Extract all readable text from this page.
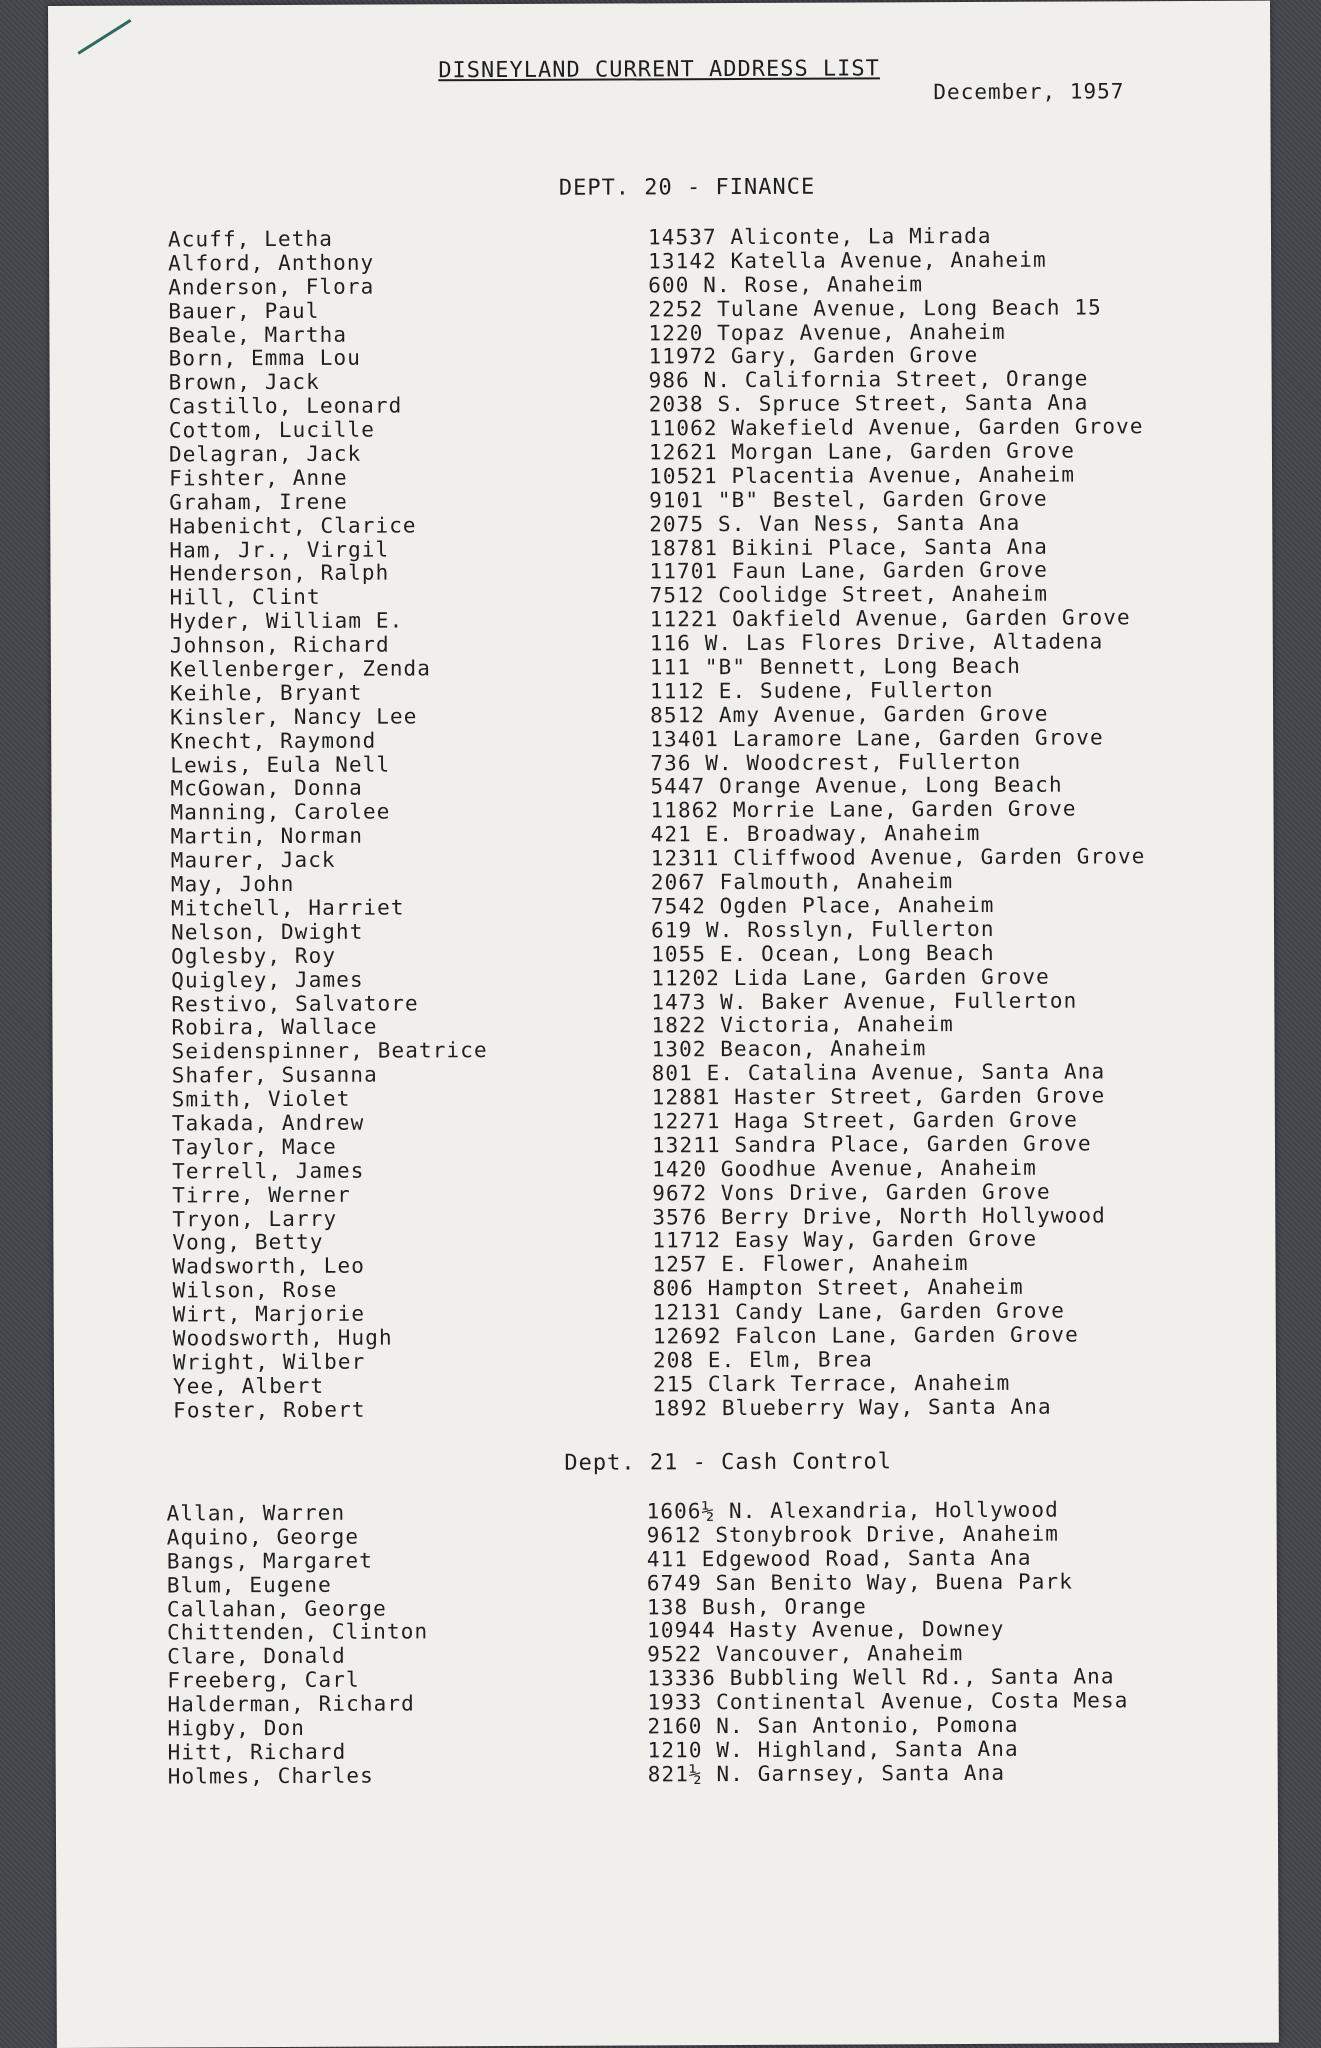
DISNEYLAND CURRENT ADDRESS LIST
December, 1957
DEPT. 20 - FINANCE
Acuff, Letha	14537 Aliconte, La Mirada
Alford, Anthony	13142 Katella Avenue, Anaheim
Anderson, Flora	600 N. Rose, Anaheim
Bauer, Paul	2252 Tulane Avenue, Long Beach 15
Beale, Martha	1220 Topaz Avenue, Anaheim
Born, Emma Lou	11972 Gary, Garden Grove
Brown, Jack	986 N. California Street, Orange
Castillo, Leonard	2038 S. Spruce Street, Santa Ana
Cottom, Lucille	11062 Wakefield Avenue, Garden Grove
Delagran, Jack	12621 Morgan Lane, Garden Grove
Fishter, Anne	10521 Placentia Avenue, Anaheim
Graham, Irene	9101 "B" Bestel, Garden Grove
Habenicht, Clarice	2075 S. Van Ness, Santa Ana
Ham, Jr., Virgil	18781 Bikini Place, Santa Ana
Henderson, Ralph	11701 Faun Lane, Garden Grove
Hill, Clint	7512 Coolidge Street, Anaheim
Hyder, William E.	11221 Oakfield Avenue, Garden Grove
Johnson, Richard	116 W. Las Flores Drive, Altadena
Kellenberger, Zenda	111 "B" Bennett, Long Beach
Keihle, Bryant	1112 E. Sudene, Fullerton
Kinsler, Nancy Lee	8512 Amy Avenue, Garden Grove
Knecht, Raymond	13401 Laramore Lane, Garden Grove
Lewis, Eula Nell	736 W. Woodcrest, Fullerton
McGowan, Donna	5447 Orange Avenue, Long Beach
Manning, Carolee	11862 Morrie Lane, Garden Grove
Martin, Norman	421 E. Broadway, Anaheim
Maurer, Jack	12311 Cliffwood Avenue, Garden Grove
May, John	2067 Falmouth, Anaheim
Mitchell, Harriet	7542 Ogden Place, Anaheim
Nelson, Dwight	619 W. Rosslyn, Fullerton
Oglesby, Roy	1055 E. Ocean, Long Beach
Quigley, James	11202 Lida Lane, Garden Grove
Restivo, Salvatore	1473 W. Baker Avenue, Fullerton
Robira, Wallace	1822 Victoria, Anaheim
Seidenspinner, Beatrice	1302 Beacon, Anaheim
Shafer, Susanna	801 E. Catalina Avenue, Santa Ana
Smith, Violet	12881 Haster Street, Garden Grove
Takada, Andrew	12271 Haga Street, Garden Grove
Taylor, Mace	13211 Sandra Place, Garden Grove
Terrell, James	1420 Goodhue Avenue, Anaheim
Tirre, Werner	9672 Vons Drive, Garden Grove
Tryon, Larry	3576 Berry Drive, North Hollywood
Vong, Betty	11712 Easy Way, Garden Grove
Wadsworth, Leo	1257 E. Flower, Anaheim
Wilson, Rose	806 Hampton Street, Anaheim
Wirt, Marjorie	12131 Candy Lane, Garden Grove
Woodsworth, Hugh	12692 Falcon Lane, Garden Grove
Wright, Wilber	208 E. Elm, Brea
Yee, Albert	215 Clark Terrace, Anaheim
Foster, Robert	1892 Blueberry Way, Santa Ana
Dept. 21 - Cash Control
Allan, Warren	1606½ N. Alexandria, Hollywood
Aquino, George	9612 Stonybrook Drive, Anaheim
Bangs, Margaret	411 Edgewood Road, Santa Ana
Blum, Eugene	6749 San Benito Way, Buena Park
Callahan, George	138 Bush, Orange
Chittenden, Clinton	10944 Hasty Avenue, Downey
Clare, Donald	9522 Vancouver, Anaheim
Freeberg, Carl	13336 Bubbling Well Rd., Santa Ana
Halderman, Richard	1933 Continental Avenue, Costa Mesa
Higby, Don	2160 N. San Antonio, Pomona
Hitt, Richard	1210 W. Highland, Santa Ana
Holmes, Charles	821½ N. Garnsey, Santa Ana
